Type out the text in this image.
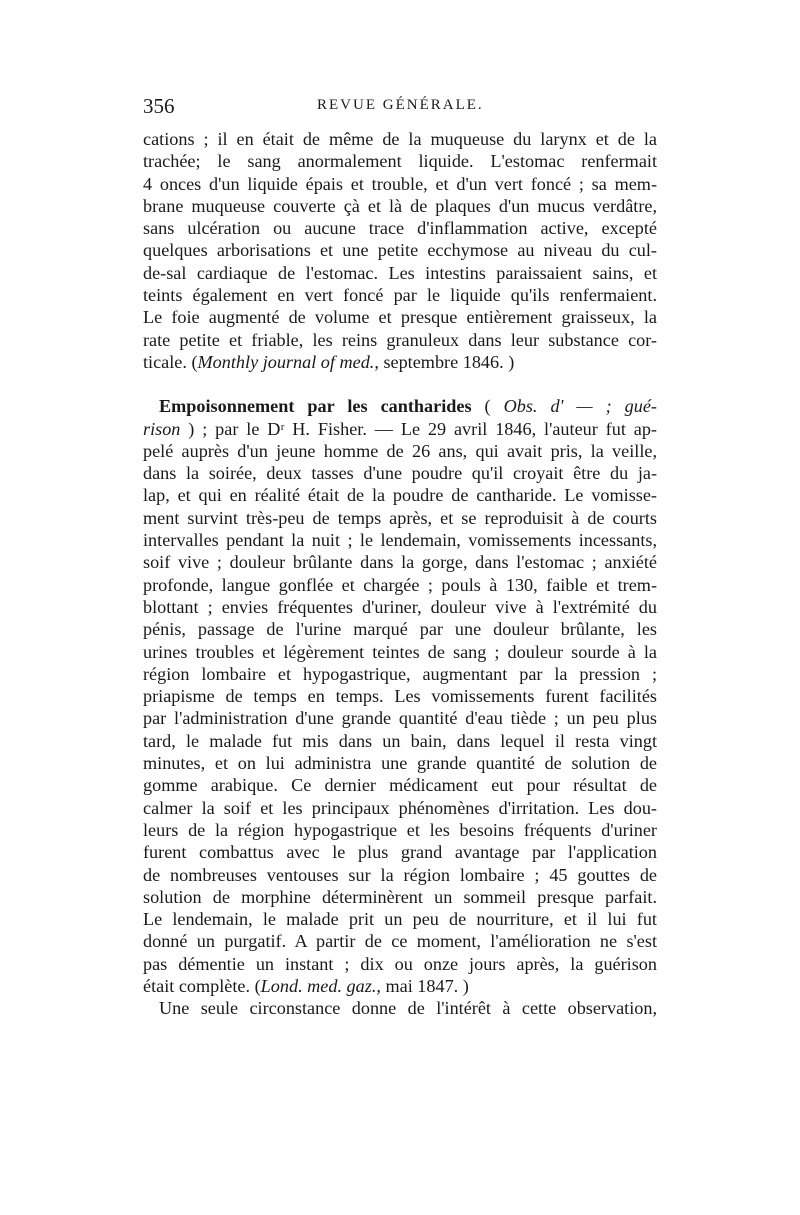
356	REVUE GÉNÉRALE.
cations ; il en était de même de la muqueuse du larynx et de la
trachée; le sang anormalement liquide. L'estomac renfermait
4 onces d'un liquide épais et trouble, et d'un vert foncé ; sa mem-
brane muqueuse couverte çà et là de plaques d'un mucus verdâtre,
sans ulcération ou aucune trace d'inflammation active, excepté
quelques arborisations et une petite ecchymose au niveau du cul-
de-sal cardiaque de l'estomac. Les intestins paraissaient sains, et
teints également en vert foncé par le liquide qu'ils renfermaient.
Le foie augmenté de volume et presque entièrement graisseux, la
rate petite et friable, les reins granuleux dans leur substance cor-
ticale. (Monthly journal of med., septembre 1846. )
Empoisonnement par les cantharides ( Obs. d' — ; gué-
rison ) ; par le Dʳ H. Fisher. — Le 29 avril 1846, l'auteur fut ap-
pelé auprès d'un jeune homme de 26 ans, qui avait pris, la veille,
dans la soirée, deux tasses d'une poudre qu'il croyait être du ja-
lap, et qui en réalité était de la poudre de cantharide. Le vomisse-
ment survint très-peu de temps après, et se reproduisit à de courts
intervalles pendant la nuit ; le lendemain, vomissements incessants,
soif vive ; douleur brûlante dans la gorge, dans l'estomac ; anxiété
profonde, langue gonflée et chargée ; pouls à 130, faible et trem-
blottant ; envies fréquentes d'uriner, douleur vive à l'extrémité du
pénis, passage de l'urine marqué par une douleur brûlante, les
urines troubles et légèrement teintes de sang ; douleur sourde à la
région lombaire et hypogastrique, augmentant par la pression ;
priapisme de temps en temps. Les vomissements furent facilités
par l'administration d'une grande quantité d'eau tiède ; un peu plus
tard, le malade fut mis dans un bain, dans lequel il resta vingt
minutes, et on lui administra une grande quantité de solution de
gomme arabique. Ce dernier médicament eut pour résultat de
calmer la soif et les principaux phénomènes d'irritation. Les dou-
leurs de la région hypogastrique et les besoins fréquents d'uriner
furent combattus avec le plus grand avantage par l'application
de nombreuses ventouses sur la région lombaire ; 45 gouttes de
solution de morphine déterminèrent un sommeil presque parfait.
Le lendemain, le malade prit un peu de nourriture, et il lui fut
donné un purgatif. A partir de ce moment, l'amélioration ne s'est
pas démentie un instant ; dix ou onze jours après, la guérison
était complète. (Lond. med. gaz., mai 1847. )
Une seule circonstance donne de l'intérêt à cette observation,
